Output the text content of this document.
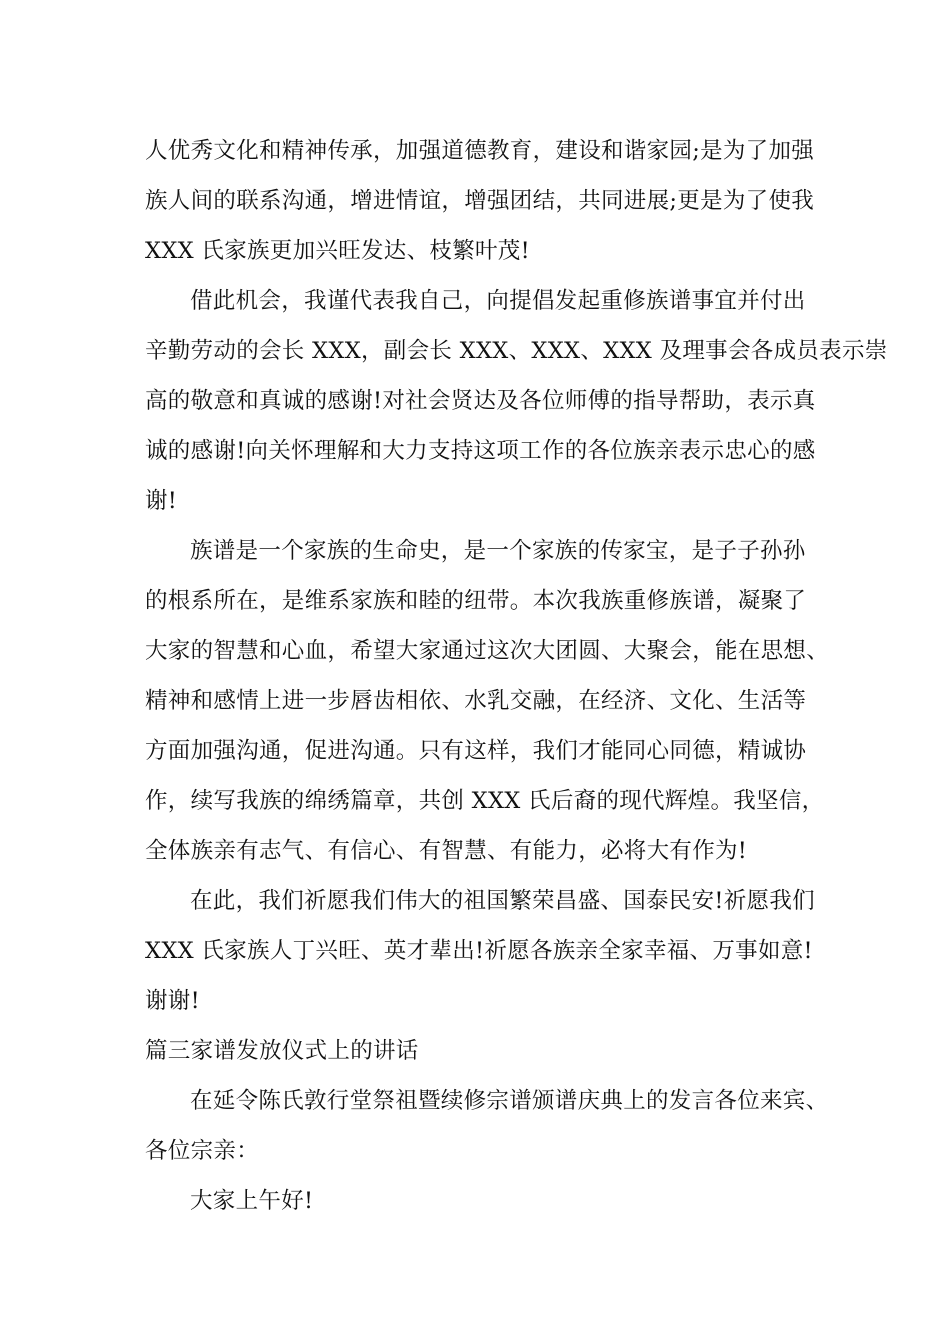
人优秀文化和精神传承，加强道德教育，建设和谐家园;是为了加强
族人间的联系沟通，增进情谊，增强团结，共同进展;更是为了使我
XXX 氏家族更加兴旺发达、枝繁叶茂!
借此机会，我谨代表我自己，向提倡发起重修族谱事宜并付出
辛勤劳动的会长 XXX，副会长 XXX、XXX、XXX 及理事会各成员表示崇
高的敬意和真诚的感谢!对社会贤达及各位师傅的指导帮助，表示真
诚的感谢!向关怀理解和大力支持这项工作的各位族亲表示忠心的感
谢!
族谱是一个家族的生命史，是一个家族的传家宝，是子子孙孙
的根系所在，是维系家族和睦的纽带。本次我族重修族谱，凝聚了
大家的智慧和心血，希望大家通过这次大团圆、大聚会，能在思想、
精神和感情上进一步唇齿相依、水乳交融，在经济、文化、生活等
方面加强沟通，促进沟通。只有这样，我们才能同心同德，精诚协
作，续写我族的绵绣篇章，共创 XXX 氏后裔的现代辉煌。我坚信，
全体族亲有志气、有信心、有智慧、有能力，必将大有作为!
在此，我们祈愿我们伟大的祖国繁荣昌盛、国泰民安!祈愿我们
XXX 氏家族人丁兴旺、英才辈出!祈愿各族亲全家幸福、万事如意!
谢谢!
篇三家谱发放仪式上的讲话
在延令陈氏敦行堂祭祖暨续修宗谱颁谱庆典上的发言各位来宾、
各位宗亲：
大家上午好!
